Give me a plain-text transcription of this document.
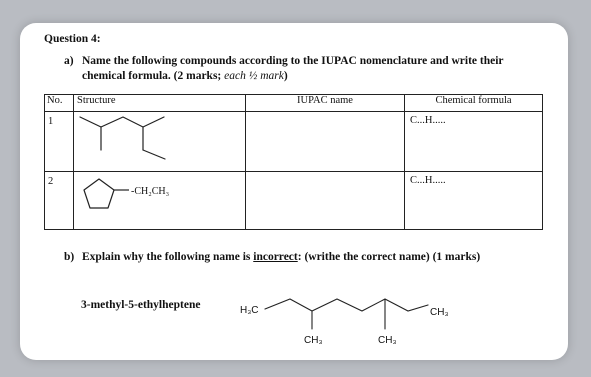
Question 4:
a) Name the following compounds according to the IUPAC nomenclature and write their chemical formula. (2 marks; each ½ mark)
No.	Structure	IUPAC name	Chemical formula
1			C...H.....
2	-CH₂CH₃		C...H.....
b) Explain why the following name is incorrect: (writhe the correct name) (1 marks)
3-methyl-5-ethylheptene	H₃C	CH₃
CH₃	CH₃
